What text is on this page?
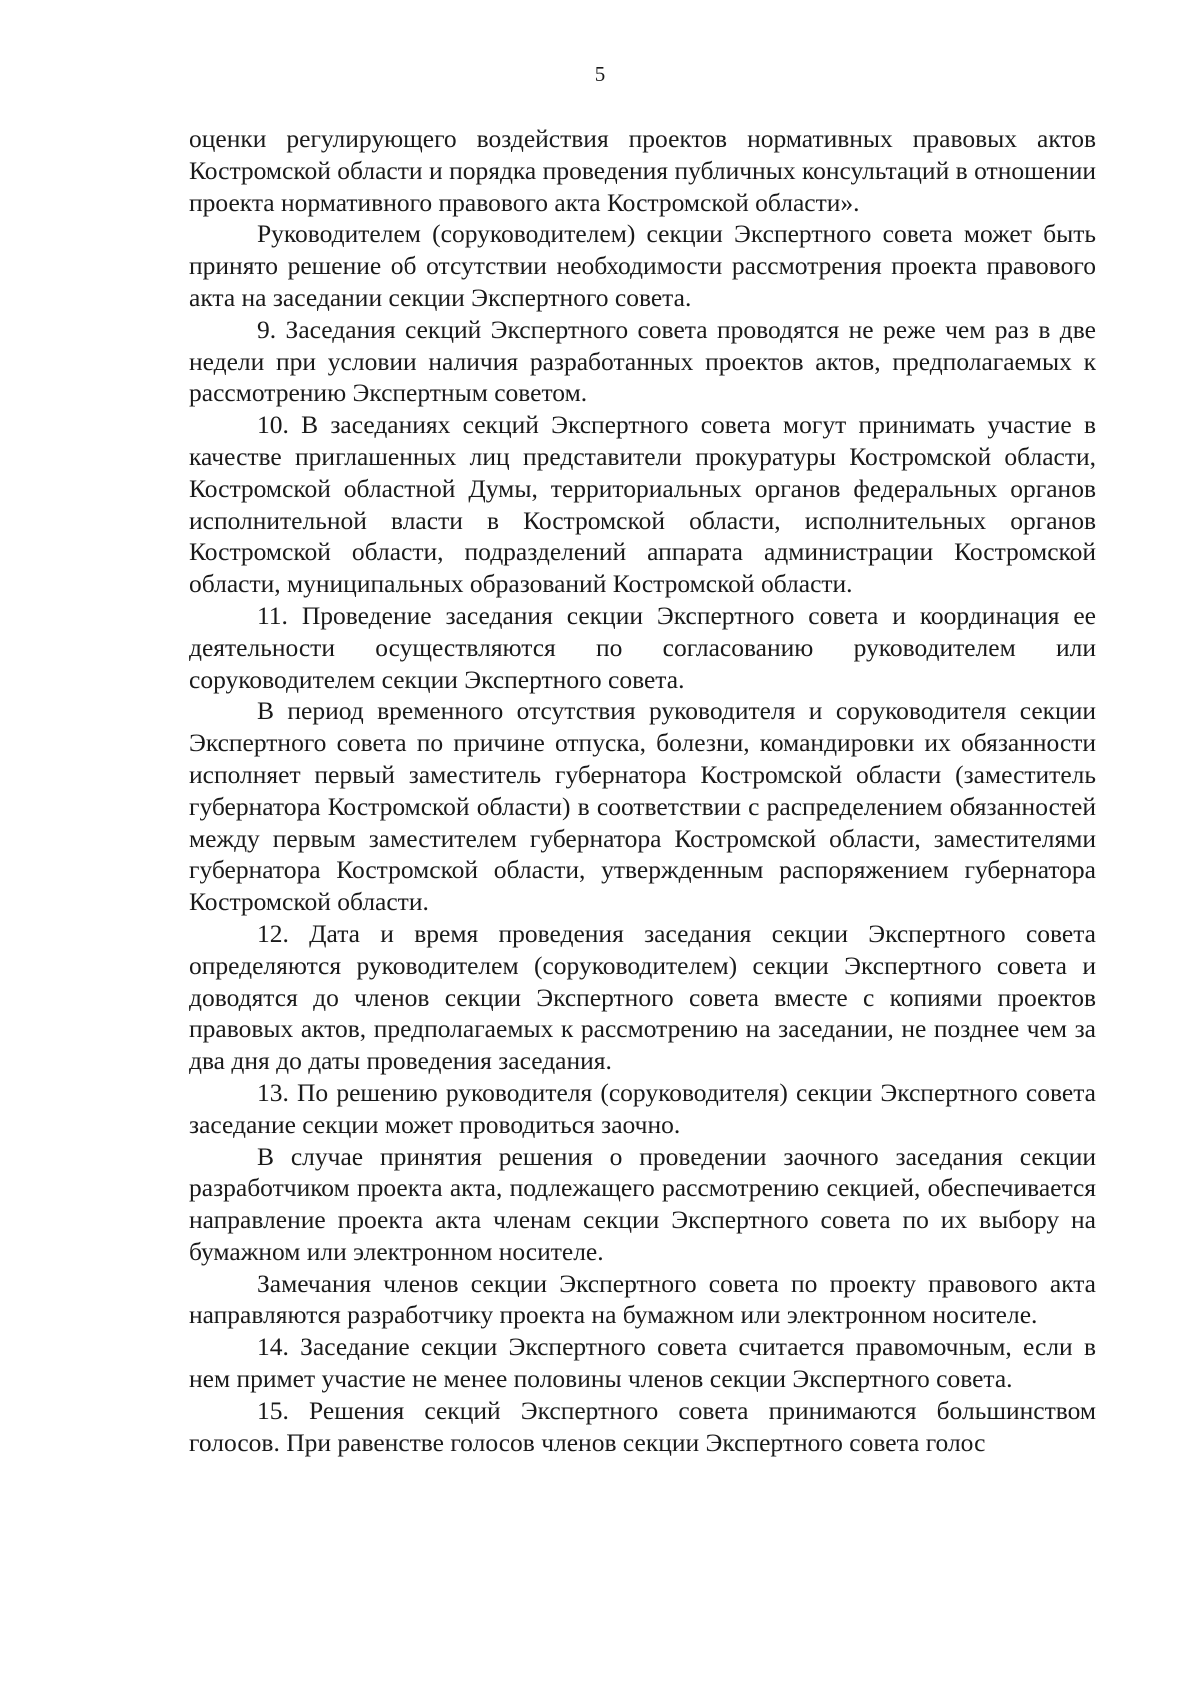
5

оценки регулирующего воздействия проектов нормативных правовых актов Костромской области и порядка проведения публичных консультаций в отношении проекта нормативного правового акта Костромской области».

Руководителем (соруководителем) секции Экспертного совета может быть принято решение об отсутствии необходимости рассмотрения проекта правового акта на заседании секции Экспертного совета.

9. Заседания секций Экспертного совета проводятся не реже чем раз в две недели при условии наличия разработанных проектов актов, предполагаемых к рассмотрению Экспертным советом.

10. В заседаниях секций Экспертного совета могут принимать участие в качестве приглашенных лиц представители прокуратуры Костромской области, Костромской областной Думы, территориальных органов федеральных органов исполнительной власти в Костромской области, исполнительных органов Костромской области, подразделений аппарата администрации Костромской области, муниципальных образований Костромской области.

11. Проведение заседания секции Экспертного совета и координация ее деятельности осуществляются по согласованию руководителем или соруководителем секции Экспертного совета.

В период временного отсутствия руководителя и соруководителя секции Экспертного совета по причине отпуска, болезни, командировки их обязанности исполняет первый заместитель губернатора Костромской области (заместитель губернатора Костромской области) в соответствии с распределением обязанностей между первым заместителем губернатора Костромской области, заместителями губернатора Костромской области, утвержденным распоряжением губернатора Костромской области.

12. Дата и время проведения заседания секции Экспертного совета определяются руководителем (соруководителем) секции Экспертного совета и доводятся до членов секции Экспертного совета вместе с копиями проектов правовых актов, предполагаемых к рассмотрению на заседании, не позднее чем за два дня до даты проведения заседания.

13. По решению руководителя (соруководителя) секции Экспертного совета заседание секции может проводиться заочно.

В случае принятия решения о проведении заочного заседания секции разработчиком проекта акта, подлежащего рассмотрению секцией, обеспечивается направление проекта акта членам секции Экспертного совета по их выбору на бумажном или электронном носителе.

Замечания членов секции Экспертного совета по проекту правового акта направляются разработчику проекта на бумажном или электронном носителе.

14. Заседание секции Экспертного совета считается правомочным, если в нем примет участие не менее половины членов секции Экспертного совета.

15. Решения секций Экспертного совета принимаются большинством голосов. При равенстве голосов членов секции Экспертного совета голос
